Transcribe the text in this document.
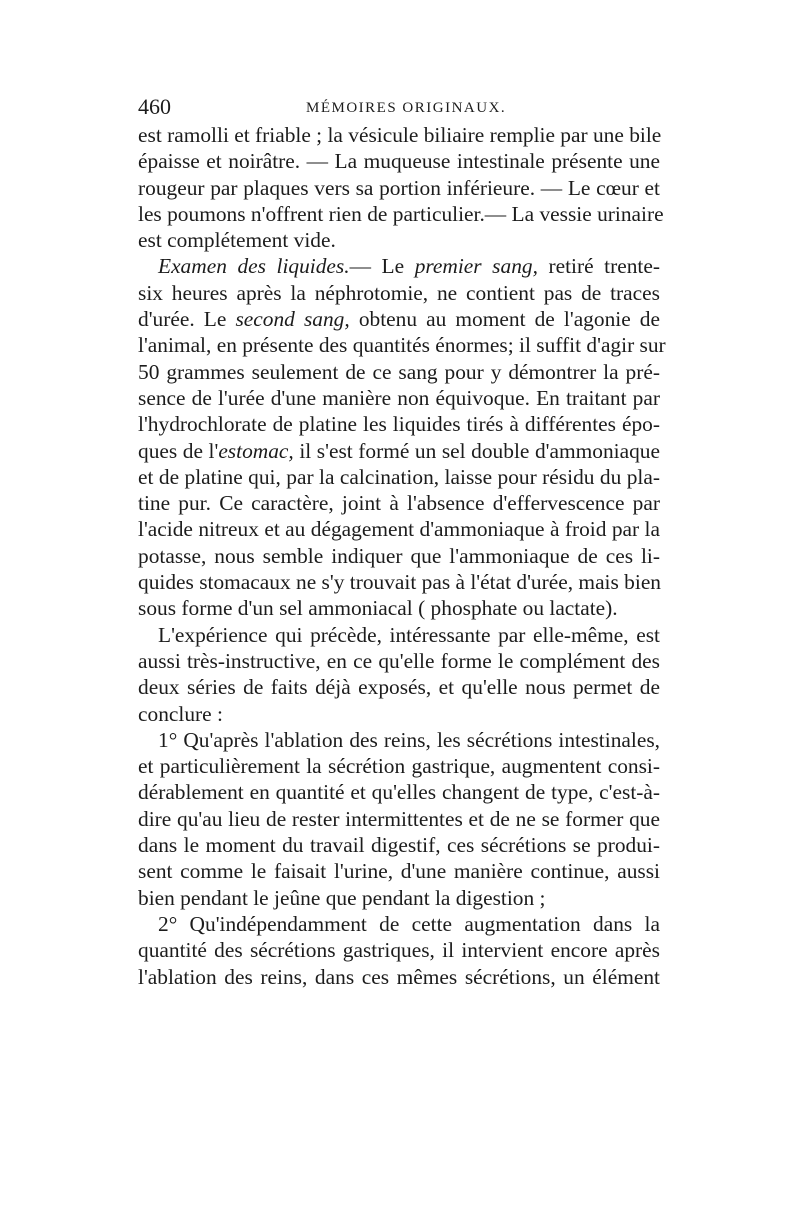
460	MÉMOIRES ORIGINAUX.
est ramolli et friable ; la vésicule biliaire remplie par une bile
épaisse et noirâtre. — La muqueuse intestinale présente une
rougeur par plaques vers sa portion inférieure. — Le cœur et
les poumons n'offrent rien de particulier.— La vessie urinaire
est complétement vide.
Examen des liquides.— Le premier sang, retiré trente-
six heures après la néphrotomie, ne contient pas de traces
d'urée. Le second sang, obtenu au moment de l'agonie de
l'animal, en présente des quantités énormes; il suffit d'agir sur
50 grammes seulement de ce sang pour y démontrer la pré-
sence de l'urée d'une manière non équivoque. En traitant par
l'hydrochlorate de platine les liquides tirés à différentes épo-
ques de l'estomac, il s'est formé un sel double d'ammoniaque
et de platine qui, par la calcination, laisse pour résidu du pla-
tine pur. Ce caractère, joint à l'absence d'effervescence par
l'acide nitreux et au dégagement d'ammoniaque à froid par la
potasse, nous semble indiquer que l'ammoniaque de ces li-
quides stomacaux ne s'y trouvait pas à l'état d'urée, mais bien
sous forme d'un sel ammoniacal ( phosphate ou lactate).
L'expérience qui précède, intéressante par elle-même, est
aussi très-instructive, en ce qu'elle forme le complément des
deux séries de faits déjà exposés, et qu'elle nous permet de
conclure :
1° Qu'après l'ablation des reins, les sécrétions intestinales,
et particulièrement la sécrétion gastrique, augmentent consi-
dérablement en quantité et qu'elles changent de type, c'est-à-
dire qu'au lieu de rester intermittentes et de ne se former que
dans le moment du travail digestif, ces sécrétions se produi-
sent comme le faisait l'urine, d'une manière continue, aussi
bien pendant le jeûne que pendant la digestion ;
2° Qu'indépendamment de cette augmentation dans la
quantité des sécrétions gastriques, il intervient encore après
l'ablation des reins, dans ces mêmes sécrétions, un élément
